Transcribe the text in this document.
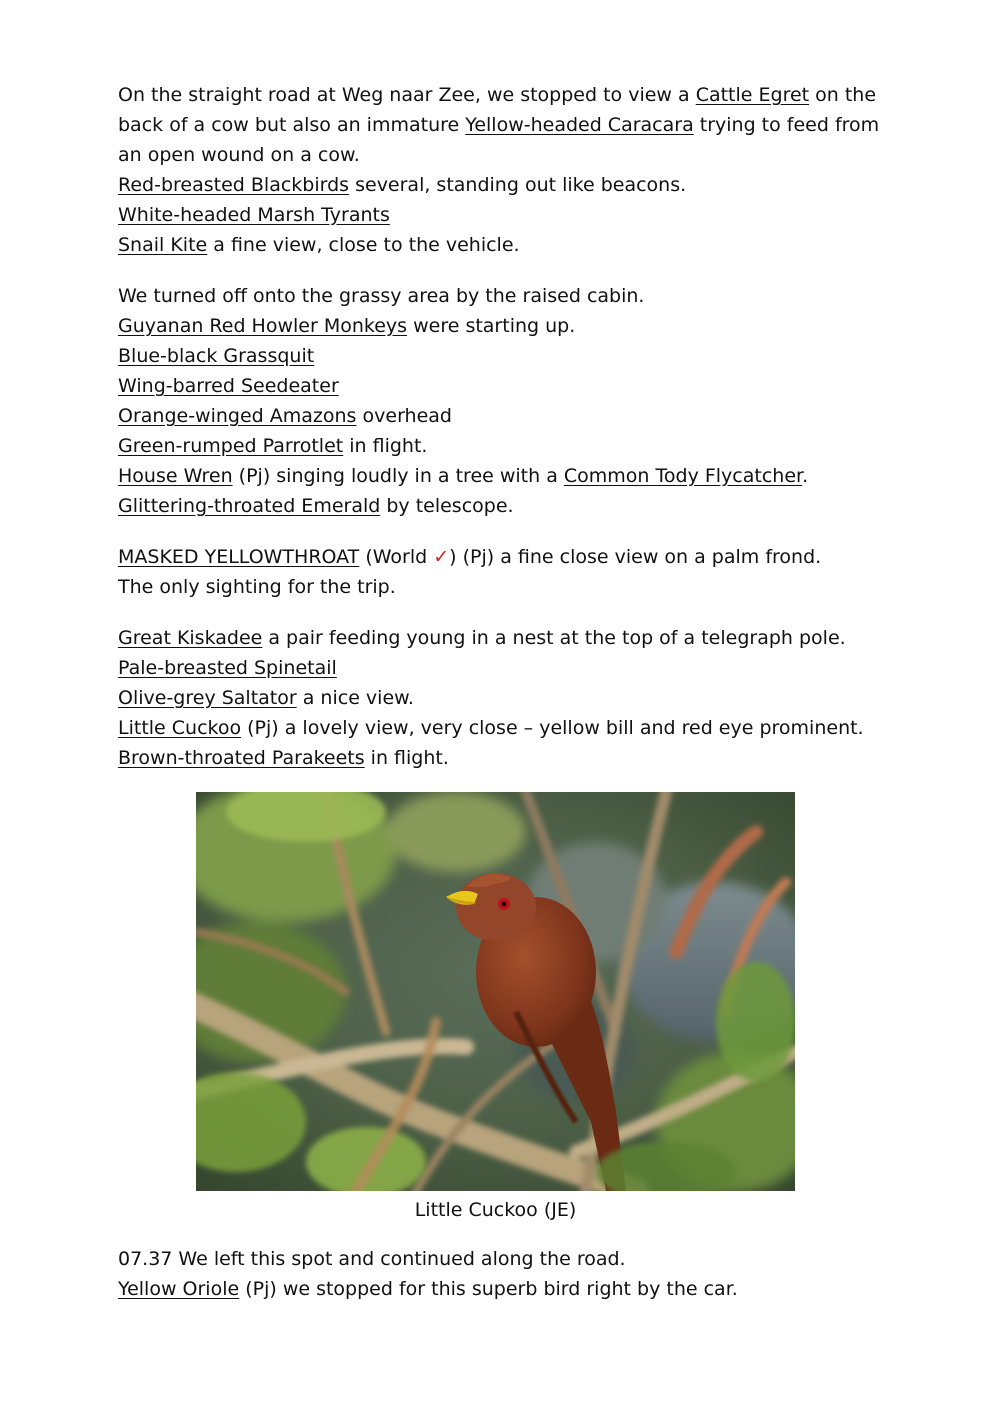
On the straight road at Weg naar Zee, we stopped to view a Cattle Egret on the
back of a cow but also an immature Yellow-headed Caracara trying to feed from
an open wound on a cow.
Red-breasted Blackbirds several, standing out like beacons.
White-headed Marsh Tyrants
Snail Kite a fine view, close to the vehicle.
We turned off onto the grassy area by the raised cabin.
Guyanan Red Howler Monkeys were starting up.
Blue-black Grassquit
Wing-barred Seedeater
Orange-winged Amazons overhead
Green-rumped Parrotlet in flight.
House Wren (Pj) singing loudly in a tree with a Common Tody Flycatcher.
Glittering-throated Emerald by telescope.
MASKED YELLOWTHROAT (World ✓) (Pj) a fine close view on a palm frond.
The only sighting for the trip.
Great Kiskadee a pair feeding young in a nest at the top of a telegraph pole.
Pale-breasted Spinetail
Olive-grey Saltator a nice view.
Little Cuckoo (Pj) a lovely view, very close – yellow bill and red eye prominent.
Brown-throated Parakeets in flight.
Little Cuckoo (JE)
07.37 We left this spot and continued along the road.
Yellow Oriole (Pj) we stopped for this superb bird right by the car.
